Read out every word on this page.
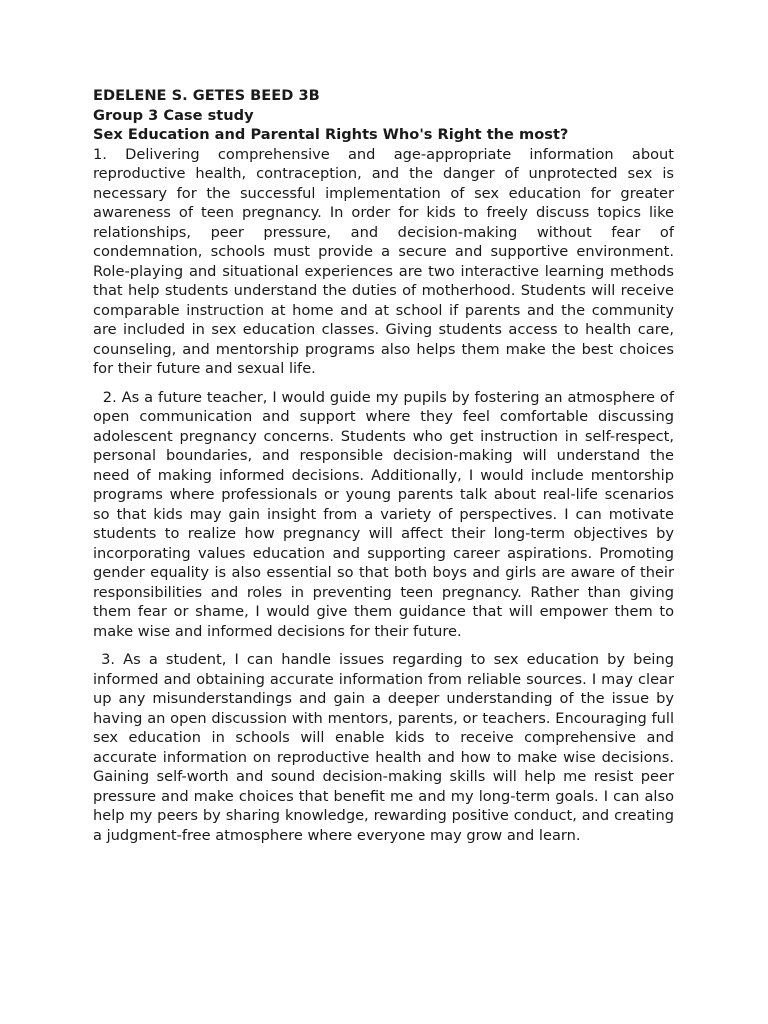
EDELENE S. GETES BEED 3B

Group 3 Case study

Sex Education and Parental Rights Who's Right the most?

1. Delivering comprehensive and age-appropriate information about reproductive health, contraception, and the danger of unprotected sex is necessary for the successful implementation of sex education for greater awareness of teen pregnancy. In order for kids to freely discuss topics like relationships, peer pressure, and decision-making without fear of condemnation, schools must provide a secure and supportive environment. Role-playing and situational experiences are two interactive learning methods that help students understand the duties of motherhood. Students will receive comparable instruction at home and at school if parents and the community are included in sex education classes. Giving students access to health care, counseling, and mentorship programs also helps them make the best choices for their future and sexual life.

2. As a future teacher, I would guide my pupils by fostering an atmosphere of open communication and support where they feel comfortable discussing adolescent pregnancy concerns. Students who get instruction in self-respect, personal boundaries, and responsible decision-making will understand the need of making informed decisions. Additionally, I would include mentorship programs where professionals or young parents talk about real-life scenarios so that kids may gain insight from a variety of perspectives. I can motivate students to realize how pregnancy will affect their long-term objectives by incorporating values education and supporting career aspirations. Promoting gender equality is also essential so that both boys and girls are aware of their responsibilities and roles in preventing teen pregnancy. Rather than giving them fear or shame, I would give them guidance that will empower them to make wise and informed decisions for their future.

3. As a student, I can handle issues regarding to sex education by being informed and obtaining accurate information from reliable sources. I may clear up any misunderstandings and gain a deeper understanding of the issue by having an open discussion with mentors, parents, or teachers. Encouraging full sex education in schools will enable kids to receive comprehensive and accurate information on reproductive health and how to make wise decisions. Gaining self-worth and sound decision-making skills will help me resist peer pressure and make choices that benefit me and my long-term goals. I can also help my peers by sharing knowledge, rewarding positive conduct, and creating a judgment-free atmosphere where everyone may grow and learn.
